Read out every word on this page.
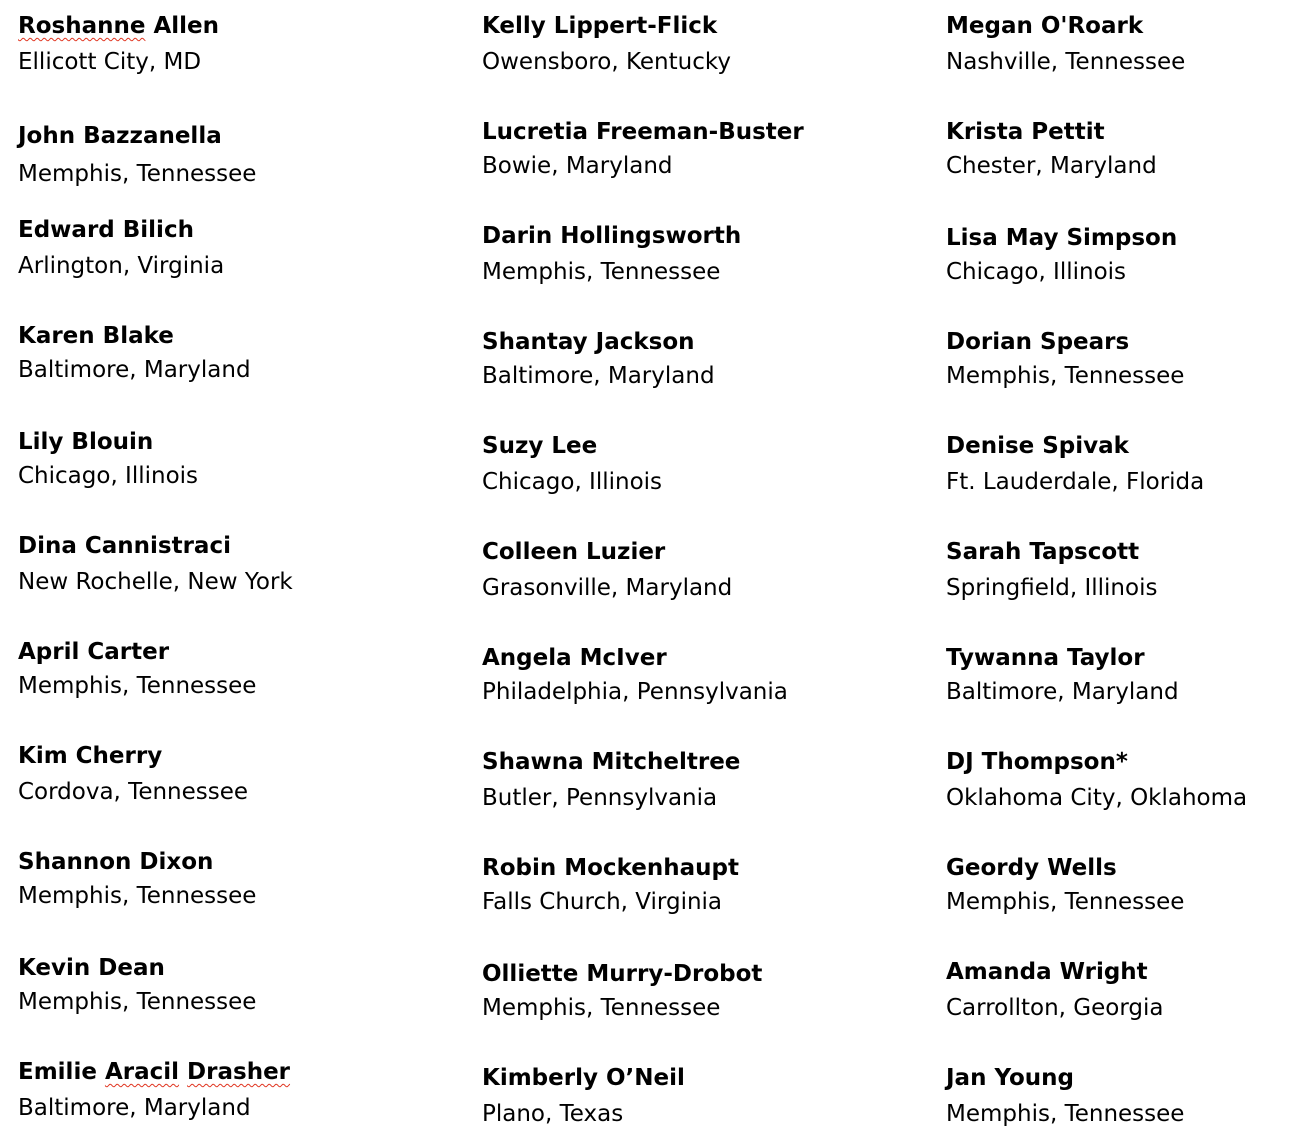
Roshanne Allen
Ellicott City, MD
John Bazzanella
Memphis, Tennessee
Edward Bilich
Arlington, Virginia
Karen Blake
Baltimore, Maryland
Lily Blouin
Chicago, Illinois
Dina Cannistraci
New Rochelle, New York
April Carter
Memphis, Tennessee
Kim Cherry
Cordova, Tennessee
Shannon Dixon
Memphis, Tennessee
Kevin Dean
Memphis, Tennessee
Emilie Aracil Drasher
Baltimore, Maryland
Kelly Lippert-Flick
Owensboro, Kentucky
Lucretia Freeman-Buster
Bowie, Maryland
Darin Hollingsworth
Memphis, Tennessee
Shantay Jackson
Baltimore, Maryland
Suzy Lee
Chicago, Illinois
Colleen Luzier
Grasonville, Maryland
Angela McIver
Philadelphia, Pennsylvania
Shawna Mitcheltree
Butler, Pennsylvania
Robin Mockenhaupt
Falls Church, Virginia
Olliette Murry-Drobot
Memphis, Tennessee
Kimberly O’Neil
Plano, Texas
Megan O'Roark
Nashville, Tennessee
Krista Pettit
Chester, Maryland
Lisa May Simpson
Chicago, Illinois
Dorian Spears
Memphis, Tennessee
Denise Spivak
Ft. Lauderdale, Florida
Sarah Tapscott
Springfield, Illinois
Tywanna Taylor
Baltimore, Maryland
DJ Thompson*
Oklahoma City, Oklahoma
Geordy Wells
Memphis, Tennessee
Amanda Wright
Carrollton, Georgia
Jan Young
Memphis, Tennessee
